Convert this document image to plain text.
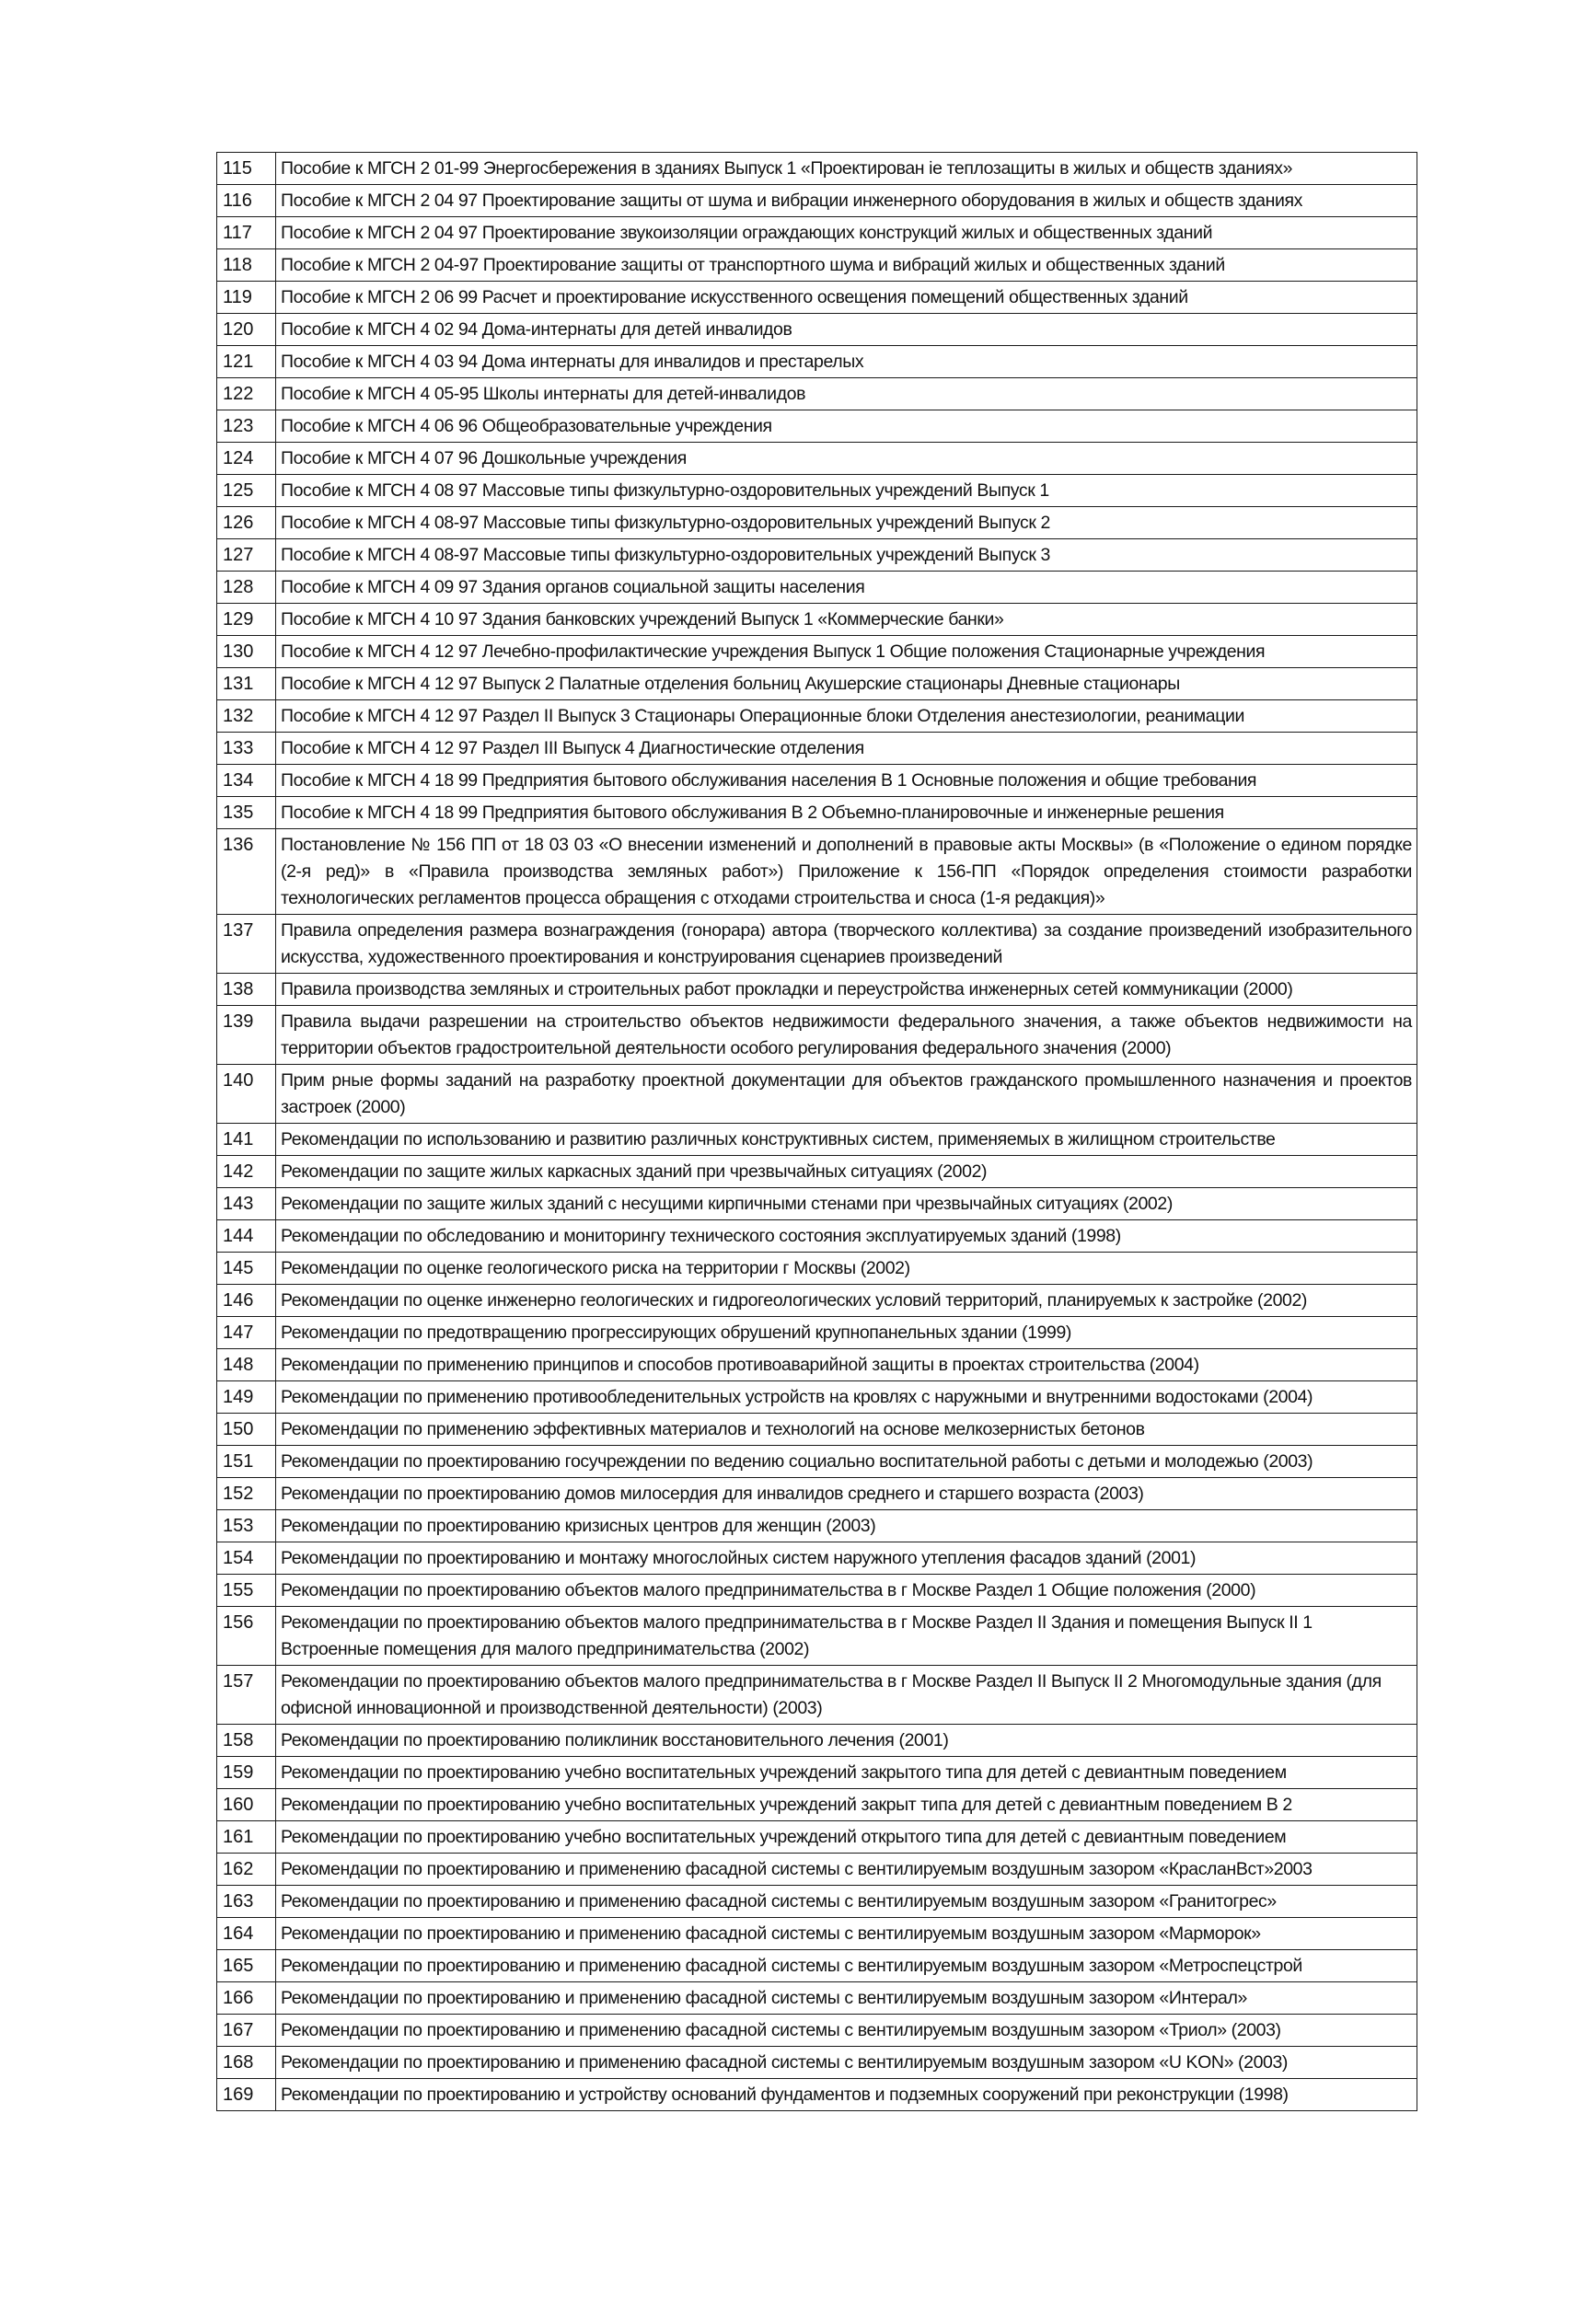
115	Пособие к МГСН 2 01-99 Энергосбережения в зданиях Выпуск 1 «Проектирован іе теплозащиты в жилых и обществ зданиях»
116	Пособие к МГСН 2 04 97 Проектирование защиты от шума и вибрации инженерного оборудования в жилых и обществ зданиях
117	Пособие к МГСН 2 04 97 Проектирование звукоизоляции ограждающих конструкций жилых и общественных зданий
118	Пособие к МГСН 2 04-97 Проектирование защиты от транспортного шума и вибраций жилых и общественных зданий
119	Пособие к МГСН 2 06 99 Расчет и проектирование искусственного освещения помещений общественных зданий
120	Пособие к МГСН 4 02 94 Дома-интернаты для детей инвалидов
121	Пособие к МГСН 4 03 94 Дома интернаты для инвалидов и престарелых
122	Пособие к МГСН 4 05-95 Школы интернаты для детей-инвалидов
123	Пособие к МГСН 4 06 96 Общеобразовательные учреждения
124	Пособие к МГСН 4 07 96 Дошкольные учреждения
125	Пособие к МГСН 4 08 97 Массовые типы физкультурно-оздоровительных учреждений Выпуск 1
126	Пособие к МГСН 4 08-97 Массовые типы физкультурно-оздоровительных учреждений Выпуск 2
127	Пособие к МГСН 4 08-97 Массовые типы физкультурно-оздоровительных учреждений Выпуск 3
128	Пособие к МГСН 4 09 97 Здания органов социальной защиты населения
129	Пособие к МГСН 4 10 97 Здания банковских учреждений Выпуск 1 «Коммерческие банки»
130	Пособие к МГСН 4 12 97 Лечебно-профилактические учреждения Выпуск 1 Общие положения Стационарные учреждения
131	Пособие к МГСН 4 12 97 Выпуск 2 Палатные отделения больниц Акушерские стационары Дневные стационары
132	Пособие к МГСН 4 12 97 Раздел II Выпуск 3 Стационары Операционные блоки Отделения анестезиологии, реанимации
133	Пособие к МГСН 4 12 97 Раздел III Выпуск 4 Диагностические отделения
134	Пособие к МГСН 4 18 99 Предприятия бытового обслуживания населения В 1 Основные положения и общие требования
135	Пособие к МГСН 4 18 99 Предприятия бытового обслуживания В 2 Объемно-планировочные и инженерные решения
136	Постановление № 156 ПП от 18 03 03 «О внесении изменений и дополнений в правовые акты Москвы» (в «Положение о едином порядке (2-я ред)» в «Правила производства земляных работ») Приложение к 156-ПП «Порядок определения стоимости разработки технологических регламентов процесса обращения с отходами строительства и сноса (1-я редакция)»
137	Правила определения размера вознаграждения (гонорара) автора (творческого коллектива) за создание произведений изобразительного искусства, художественного проектирования и конструирования сценариев произведений
138	Правила производства земляных и строительных работ прокладки и переустройства инженерных сетей коммуникации (2000)
139	Правила выдачи разрешении на строительство объектов недвижимости федерального значения, а также объектов недвижимости на территории объектов градостроительной деятельности особого регулирования федерального значения (2000)
140	Прим рные формы заданий на разработку проектной документации для объектов гражданского промышленного назначения и проектов застроек (2000)
141	Рекомендации по использованию и развитию различных конструктивных систем, применяемых в жилищном строительстве
142	Рекомендации по защите жилых каркасных зданий при чрезвычайных ситуациях (2002)
143	Рекомендации по защите жилых зданий с несущими кирпичными стенами при чрезвычайных ситуациях (2002)
144	Рекомендации по обследованию и мониторингу технического состояния эксплуатируемых зданий (1998)
145	Рекомендации по оценке геологического риска на территории г Москвы (2002)
146	Рекомендации по оценке инженерно геологических и гидрогеологических условий территорий, планируемых к застройке (2002)
147	Рекомендации по предотвращению прогрессирующих обрушений крупнопанельных здании (1999)
148	Рекомендации по применению принципов и способов противоаварийной защиты в проектах строительства (2004)
149	Рекомендации по применению противообледенительных устройств на кровлях с наружными и внутренними водостоками (2004)
150	Рекомендации по применению эффективных материалов и технологий на основе мелкозернистых бетонов
151	Рекомендации по проектированию госучреждении по ведению социально воспитательной работы с детьми и молодежью (2003)
152	Рекомендации по проектированию домов милосердия для инвалидов среднего и старшего возраста (2003)
153	Рекомендации по проектированию кризисных центров для женщин (2003)
154	Рекомендации по проектированию и монтажу многослойных систем наружного утепления фасадов зданий (2001)
155	Рекомендации по проектированию объектов малого предпринимательства в г Москве Раздел 1 Общие положения (2000)
156	Рекомендации по проектированию объектов малого предпринимательства в г Москве Раздел II Здания и помещения Выпуск II 1 Встроенные помещения для малого предпринимательства (2002)
157	Рекомендации по проектированию объектов малого предпринимательства в г Москве Раздел II Выпуск II 2 Многомодульные здания (для офисной инновационной и производственной деятельности) (2003)
158	Рекомендации по проектированию поликлиник восстановительного лечения (2001)
159	Рекомендации по проектированию учебно воспитательных учреждений закрытого типа для детей с девиантным поведением
160	Рекомендации по проектированию учебно воспитательных учреждений закрыт типа для детей с девиантным поведением В 2
161	Рекомендации по проектированию учебно воспитательных учреждений открытого типа для детей с девиантным поведением
162	Рекомендации по проектированию и применению фасадной системы с вентилируемым воздушным зазором «КрасланВст»2003
163	Рекомендации по проектированию и применению фасадной системы с вентилируемым воздушным зазором «Гранитогрес»
164	Рекомендации по проектированию и применению фасадной системы с вентилируемым воздушным зазором «Марморок»
165	Рекомендации по проектированию и применению фасадной системы с вентилируемым воздушным зазором «Метроспецстрой
166	Рекомендации по проектированию и применению фасадной системы с вентилируемым воздушным зазором «Интерал»
167	Рекомендации по проектированию и применению фасадной системы с вентилируемым воздушным зазором «Триол» (2003)
168	Рекомендации по проектированию и применению фасадной системы с вентилируемым воздушным зазором «U KON» (2003)
169	Рекомендации по проектированию и устройству оснований фундаментов и подземных сооружений при реконструкции (1998)
